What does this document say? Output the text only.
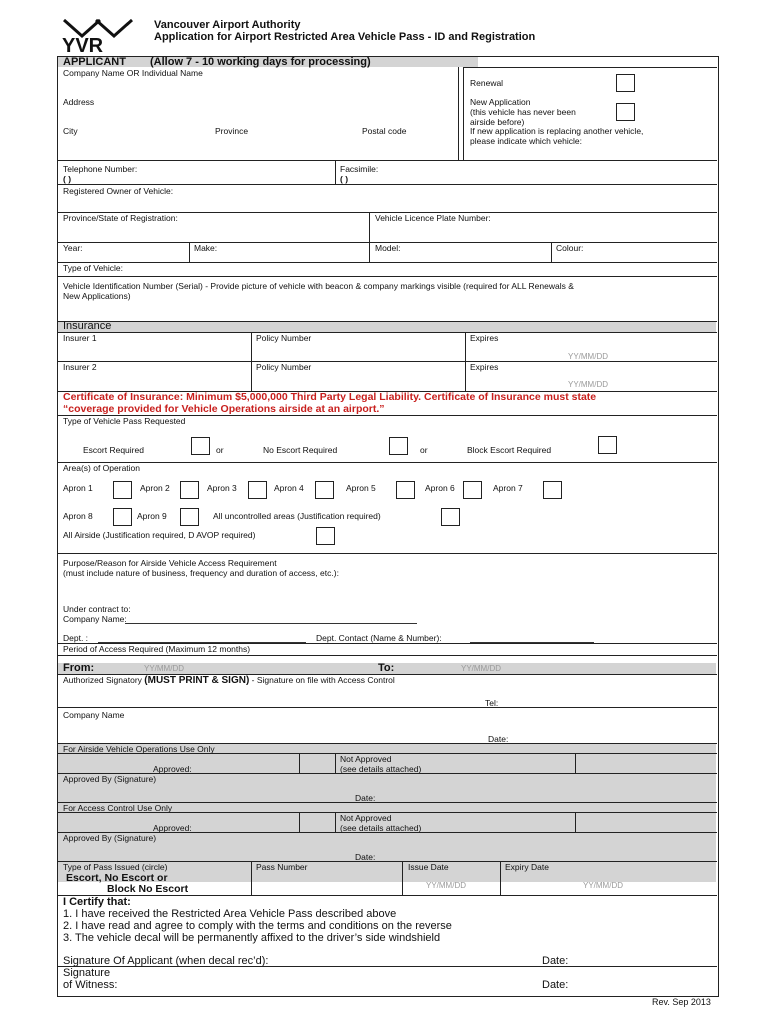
YVR
Vancouver Airport Authority
Application for Airport Restricted Area Vehicle Pass - ID and Registration
APPLICANT (Allow 7 - 10 working days for processing)
Company Name OR Individual Name
Renewal
New Application
(this vehicle has never been
airside before)
If new application is replacing another vehicle,
please indicate which vehicle:
Address
City	Province	Postal code
Telephone Number:
( )
Facsimile:
( )
Registered Owner of Vehicle:
Province/State of Registration:	Vehicle Licence Plate Number:
Year:	Make:	Model:	Colour:
Type of Vehicle:
Vehicle Identification Number (Serial) - Provide picture of vehicle with beacon & company markings visible (required for ALL Renewals &
New Applications)
Insurance
Insurer 1	Policy Number	Expires
YY/MM/DD
Insurer 2	Policy Number	Expires
YY/MM/DD
Certificate of Insurance: Minimum $5,000,000 Third Party Legal Liability. Certificate of Insurance must state
“coverage provided for Vehicle Operations airside at an airport.”
Type of Vehicle Pass Requested
Escort Required	or	No Escort Required	or	Block Escort Required
Area(s) of Operation
Apron 1	Apron 2	Apron 3	Apron 4	Apron 5	Apron 6	Apron 7
Apron 8	Apron 9	All uncontrolled areas (Justification required)
All Airside (Justification required, D AVOP required)
Purpose/Reason for Airside Vehicle Access Requirement
(must include nature of business, frequency and duration of access, etc.):
Under contract to:
Company Name:
Dept. :	Dept. Contact (Name & Number):
Period of Access Required (Maximum 12 months)
From:	YY/MM/DD	To:	YY/MM/DD
Authorized Signatory (MUST PRINT & SIGN) - Signature on file with Access Control
Tel:
Company Name
Date:
For Airside Vehicle Operations Use Only
Approved:
Not Approved
(see details attached)
Approved By (Signature)
Date:
For Access Control Use Only
Approved:
Not Approved
(see details attached)
Approved By (Signature)
Date:
Type of Pass Issued (circle)	Pass Number	Issue Date	Expiry Date
Escort, No Escort or
Block No Escort	YY/MM/DD	YY/MM/DD
I Certify that:
1. I have received the Restricted Area Vehicle Pass described above
2. I have read and agree to comply with the terms and conditions on the reverse
3. The vehicle decal will be permanently affixed to the driver’s side windshield
Signature Of Applicant (when decal rec’d):	Date:
Signature
of Witness:	Date:
Rev. Sep 2013
